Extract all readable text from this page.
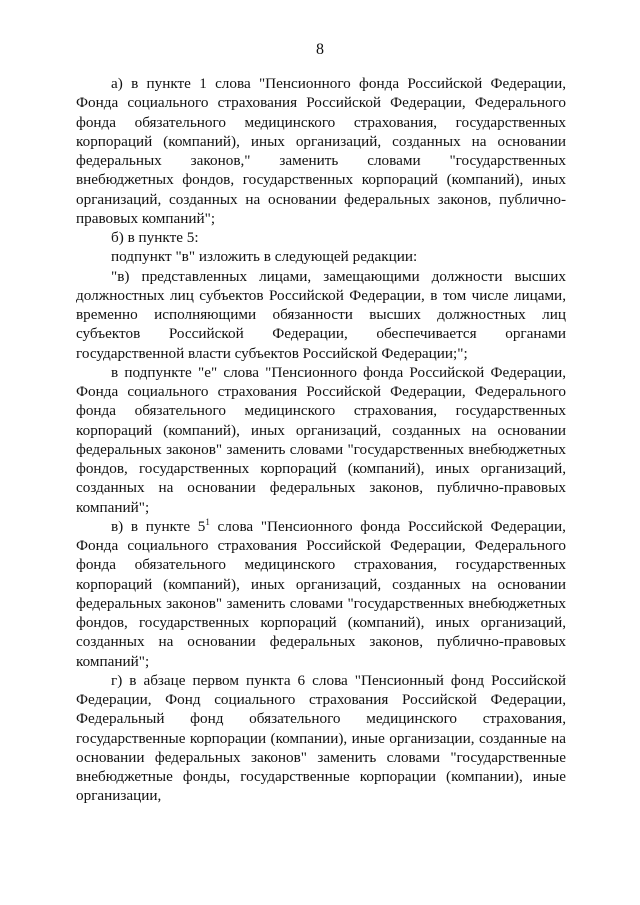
8

а) в пункте 1 слова "Пенсионного фонда Российской Федерации, Фонда социального страхования Российской Федерации, Федерального фонда обязательного медицинского страхования, государственных корпораций (компаний), иных организаций, созданных на основании федеральных законов," заменить словами "государственных внебюджетных фондов, государственных корпораций (компаний), иных организаций, созданных на основании федеральных законов, публично-правовых компаний";

б) в пункте 5:

подпункт "в" изложить в следующей редакции:

"в) представленных лицами, замещающими должности высших должностных лиц субъектов Российской Федерации, в том числе лицами, временно исполняющими обязанности высших должностных лиц субъектов Российской Федерации, обеспечивается органами государственной власти субъектов Российской Федерации;";

в подпункте "е" слова "Пенсионного фонда Российской Федерации, Фонда социального страхования Российской Федерации, Федерального фонда обязательного медицинского страхования, государственных корпораций (компаний), иных организаций, созданных на основании федеральных законов" заменить словами "государственных внебюджетных фондов, государственных корпораций (компаний), иных организаций, созданных на основании федеральных законов, публично-правовых компаний";

в) в пункте $5^1$ слова "Пенсионного фонда Российской Федерации, Фонда социального страхования Российской Федерации, Федерального фонда обязательного медицинского страхования, государственных корпораций (компаний), иных организаций, созданных на основании федеральных законов" заменить словами "государственных внебюджетных фондов, государственных корпораций (компаний), иных организаций, созданных на основании федеральных законов, публично-правовых компаний";

г) в абзаце первом пункта 6 слова "Пенсионный фонд Российской Федерации, Фонд социального страхования Российской Федерации, Федеральный фонд обязательного медицинского страхования, государственные корпорации (компании), иные организации, созданные на основании федеральных законов" заменить словами "государственные внебюджетные фонды, государственные корпорации (компании), иные организации,
